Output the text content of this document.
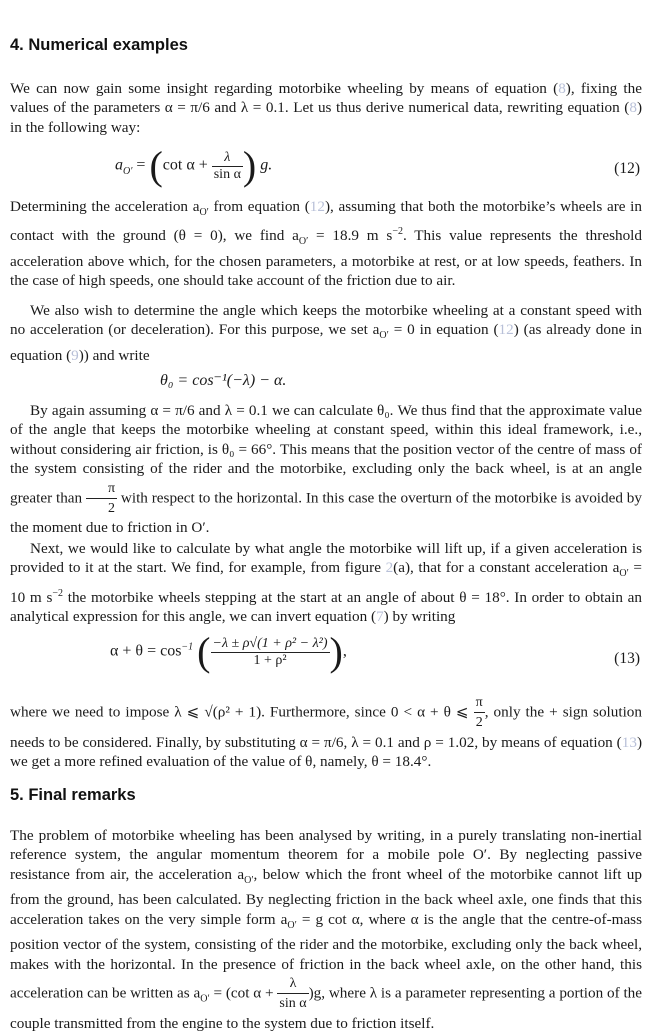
4. Numerical examples

We can now gain some insight regarding motorbike wheeling by means of equation (8), fixing the values of the parameters α = π/6 and λ = 0.1. Let us thus derive numerical data, rewriting equation (8) in the following way:

$a_{O'} = (\cot$ $\alpha + \frac{\lambda}{\text{sin α}}$ ) g.	(12)

Determining the acceleration $a_{O'}$ from equation (12), assuming that both the motorbike’s wheels are in contact with the ground (θ = 0), we find $a_{O'} = 18.9$ m $s^{-2}$. This value represents the threshold acceleration above which, for the chosen parameters, a motorbike at rest, or at low speeds, feathers. In the case of high speeds, one should take account of the friction due to air.

We also wish to determine the angle which keeps the motorbike wheeling at a constant speed with no acceleration (or deceleration). For this purpose, we set $a_{O'} = 0$ in equation (12) (as already done in equation (9)) and write

θ₀ = cos⁻¹(−λ) − α.

By again assuming α = π/6 and λ = 0.1 we can calculate θ₀. We thus find that the approximate value of the angle that keeps the motorbike wheeling at constant speed, within this ideal framework, i.e., without considering air friction, is θ₀ = 66°. This means that the position vector of the centre of mass of the system consisting of the rider and the motorbike, excluding only the back wheel, is at an angle greater than $\frac{\pi}{2}$ with respect to the horizontal. In this case the overturn of the motorbike is avoided by the moment due to friction in O′.

Next, we would like to calculate by what angle the motorbike will lift up, if a given acceleration is provided to it at the start. We find, for example, from figure 2(a), that for a constant acceleration $a_{O'} = 10$ m $s^{-2}$ the motorbike wheels stepping at the start at an angle of about θ = 18°. In order to obtain an analytical expression for this angle, we can invert equation (7) by writing

$\alpha + \theta = \cos^{-1}$ ( $\frac{\text{−λ ± ρ√(1 + ρ² − λ²)}}{\text{1 + ρ²}}$ ),	(13)

where we need to impose λ ⩽ √(ρ² + 1). Furthermore, since 0 < α + θ ⩽ $\frac{\pi}{2}$ , only the + sign solution needs to be considered. Finally, by substituting α = π/6, λ = 0.1 and ρ = 1.02, by means of equation (13) we get a more refined evaluation of the value of θ, namely, θ = 18.4°.

5. Final remarks

The problem of motorbike wheeling has been analysed by writing, in a purely translating non-inertial reference system, the angular momentum theorem for a mobile pole O′. By neglecting passive resistance from air, the acceleration $a_{O'}$, below which the front wheel of the motorbike cannot lift up from the ground, has been calculated. By neglecting friction in the back wheel axle, one finds that this acceleration takes on the very simple form $a_{O'} = g$ cot α, where α is the angle that the centre-of-mass position vector of the system, consisting of the rider and the motorbike, excluding only the back wheel, makes with the horizontal. In the presence of friction in the back wheel axle, on the other hand, this acceleration can be written as $a_{O'} = (\cot$ $\alpha + \frac{\lambda}{\text{sin α}} )g$, where λ is a parameter representing a portion of the couple transmitted from the engine to the system due to friction itself.
